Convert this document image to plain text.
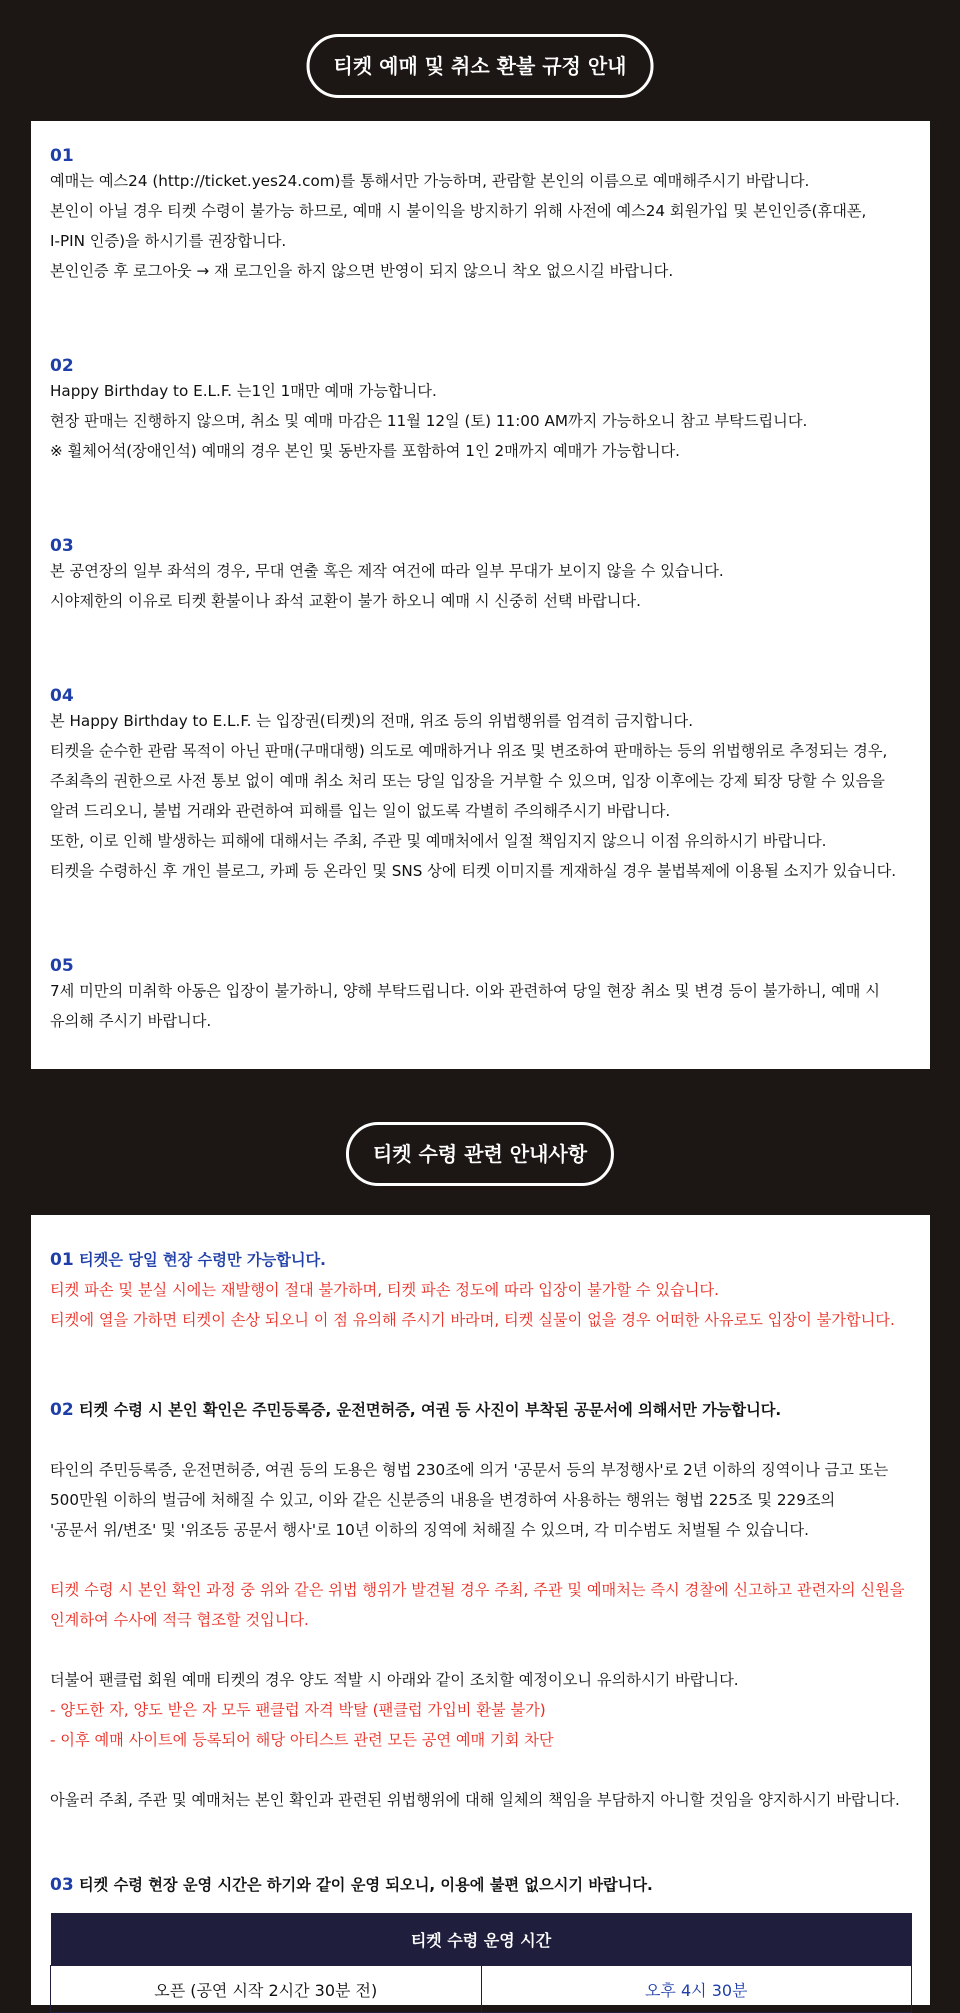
티켓 예매 및 취소 환불 규정 안내
01
예매는 예스24 (http://ticket.yes24.com)를 통해서만 가능하며, 관람할 본인의 이름으로 예매해주시기 바랍니다.
본인이 아닐 경우 티켓 수령이 불가능 하므로, 예매 시 불이익을 방지하기 위해 사전에 예스24 회원가입 및 본인인증(휴대폰,
I-PIN 인증)을 하시기를 권장합니다.
본인인증 후 로그아웃 → 재 로그인을 하지 않으면 반영이 되지 않으니 착오 없으시길 바랍니다.
02
Happy Birthday to E.L.F. 는1인 1매만 예매 가능합니다.
현장 판매는 진행하지 않으며, 취소 및 예매 마감은 11월 12일 (토) 11:00 AM까지 가능하오니 참고 부탁드립니다.
※ 휠체어석(장애인석) 예매의 경우 본인 및 동반자를 포함하여 1인 2매까지 예매가 가능합니다.
03
본 공연장의 일부 좌석의 경우, 무대 연출 혹은 제작 여건에 따라 일부 무대가 보이지 않을 수 있습니다.
시야제한의 이유로 티켓 환불이나 좌석 교환이 불가 하오니 예매 시 신중히 선택 바랍니다.
04
본 Happy Birthday to E.L.F. 는 입장권(티켓)의 전매, 위조 등의 위법행위를 엄격히 금지합니다.
티켓을 순수한 관람 목적이 아닌 판매(구매대행) 의도로 예매하거나 위조 및 변조하여 판매하는 등의 위법행위로 추정되는 경우,
주최측의 권한으로 사전 통보 없이 예매 취소 처리 또는 당일 입장을 거부할 수 있으며, 입장 이후에는 강제 퇴장 당할 수 있음을
알려 드리오니, 불법 거래와 관련하여 피해를 입는 일이 없도록 각별히 주의해주시기 바랍니다.
또한, 이로 인해 발생하는 피해에 대해서는 주최, 주관 및 예매처에서 일절 책임지지 않으니 이점 유의하시기 바랍니다.
티켓을 수령하신 후 개인 블로그, 카페 등 온라인 및 SNS 상에 티켓 이미지를 게재하실 경우 불법복제에 이용될 소지가 있습니다.
05
7세 미만의 미취학 아동은 입장이 불가하니, 양해 부탁드립니다. 이와 관련하여 당일 현장 취소 및 변경 등이 불가하니, 예매 시
유의해 주시기 바랍니다.
티켓 수령 관련 안내사항
01 티켓은 당일 현장 수령만 가능합니다.
티켓 파손 및 분실 시에는 재발행이 절대 불가하며, 티켓 파손 정도에 따라 입장이 불가할 수 있습니다.
티켓에 열을 가하면 티켓이 손상 되오니 이 점 유의해 주시기 바라며, 티켓 실물이 없을 경우 어떠한 사유로도 입장이 불가합니다.
02 티켓 수령 시 본인 확인은 주민등록증, 운전면허증, 여권 등 사진이 부착된 공문서에 의해서만 가능합니다.
타인의 주민등록증, 운전면허증, 여권 등의 도용은 형법 230조에 의거 '공문서 등의 부정행사'로 2년 이하의 징역이나 금고 또는
500만원 이하의 벌금에 처해질 수 있고, 이와 같은 신분증의 내용을 변경하여 사용하는 행위는 형법 225조 및 229조의
'공문서 위/변조' 및 '위조등 공문서 행사'로 10년 이하의 징역에 처해질 수 있으며, 각 미수범도 처벌될 수 있습니다.
티켓 수령 시 본인 확인 과정 중 위와 같은 위법 행위가 발견될 경우 주최, 주관 및 예매처는 즉시 경찰에 신고하고 관련자의 신원을
인계하여 수사에 적극 협조할 것입니다.
더불어 팬클럽 회원 예매 티켓의 경우 양도 적발 시 아래와 같이 조치할 예정이오니 유의하시기 바랍니다.
- 양도한 자, 양도 받은 자 모두 팬클럽 자격 박탈 (팬클럽 가입비 환불 불가)
- 이후 예매 사이트에 등록되어 해당 아티스트 관련 모든 공연 예매 기회 차단
아울러 주최, 주관 및 예매처는 본인 확인과 관련된 위법행위에 대해 일체의 책임을 부담하지 아니할 것임을 양지하시기 바랍니다.
03 티켓 수령 현장 운영 시간은 하기와 같이 운영 되오니, 이용에 불편 없으시기 바랍니다.
티켓 수령 운영 시간
오픈 (공연 시작 2시간 30분 전)	오후 4시 30분
